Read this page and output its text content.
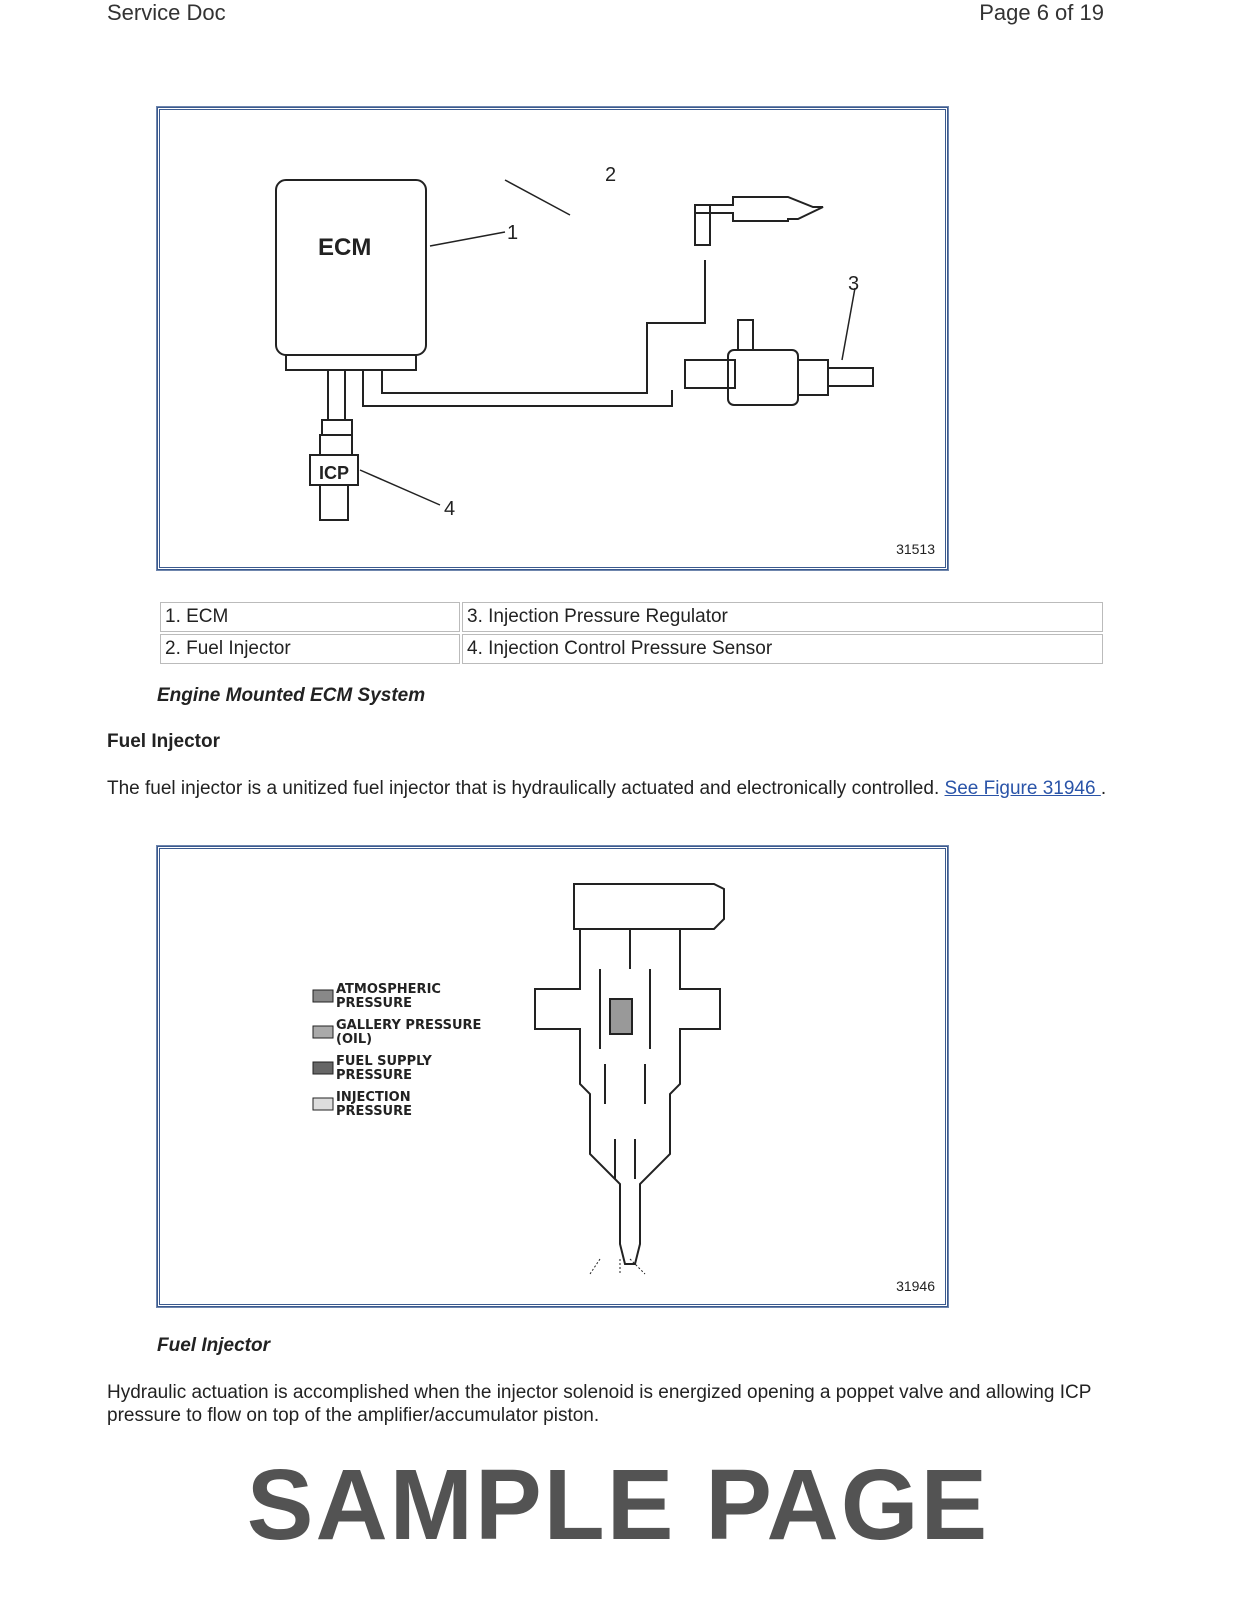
Service Doc	Page 6 of 19
ECM
ICP
2
1
3
4
31513
1. ECM	3. Injection Pressure Regulator
2. Fuel Injector	4. Injection Control Pressure Sensor
Engine Mounted ECM System
Fuel Injector
The fuel injector is a unitized fuel injector that is hydraulically actuated and electronically controlled. See Figure 31946 .
ATMOSPHERIC PRESSURE
GALLERY PRESSURE (OIL)
FUEL SUPPLY PRESSURE
INJECTION PRESSURE
31946
Fuel Injector
Hydraulic actuation is accomplished when the injector solenoid is energized opening a poppet valve and allowing ICP pressure to flow on top of the amplifier/accumulator piston.
SAMPLE PAGE
